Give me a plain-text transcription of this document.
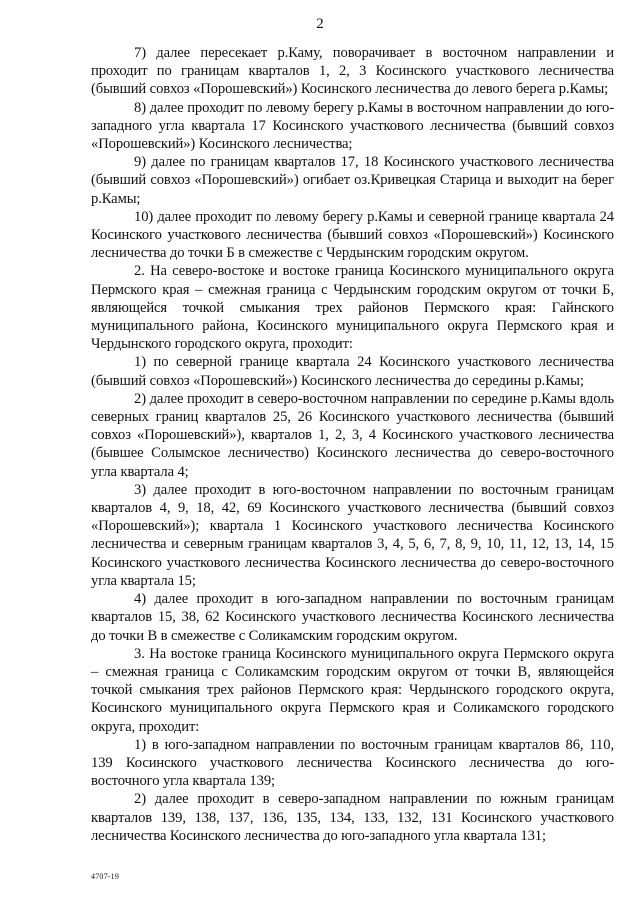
2

7) далее пересекает р.Каму, поворачивает в восточном направлении и проходит по границам кварталов 1, 2, 3 Косинского участкового лесничества (бывший совхоз «Порошевский») Косинского лесничества до левого берега р.Камы;

8) далее проходит по левому берегу р.Камы в восточном направлении до юго-западного угла квартала 17 Косинского участкового лесничества (бывший совхоз «Порошевский») Косинского лесничества;

9) далее по границам кварталов 17, 18 Косинского участкового лесничества (бывший совхоз «Порошевский») огибает оз.Кривецкая Старица и выходит на берег р.Камы;

10) далее проходит по левому берегу р.Камы и северной границе квартала 24 Косинского участкового лесничества (бывший совхоз «Порошевский») Косинского лесничества до точки Б в смежестве с Чердынским городским округом.

2. На северо-востоке и востоке граница Косинского муниципального округа Пермского края – смежная граница с Чердынским городским округом от точки Б, являющейся точкой смыкания трех районов Пермского края: Гайнского муниципального района, Косинского муниципального округа Пермского края и Чердынского городского округа, проходит:

1) по северной границе квартала 24 Косинского участкового лесничества (бывший совхоз «Порошевский») Косинского лесничества до середины р.Камы;

2) далее проходит в северо-восточном направлении по середине р.Камы вдоль северных границ кварталов 25, 26 Косинского участкового лесничества (бывший совхоз «Порошевский»), кварталов 1, 2, 3, 4 Косинского участкового лесничества (бывшее Солымское лесничество) Косинского лесничества до северо-восточного угла квартала 4;

3) далее проходит в юго-восточном направлении по восточным границам кварталов 4, 9, 18, 42, 69 Косинского участкового лесничества (бывший совхоз «Порошевский»); квартала 1 Косинского участкового лесничества Косинского лесничества и северным границам кварталов 3, 4, 5, 6, 7, 8, 9, 10, 11, 12, 13, 14, 15 Косинского участкового лесничества Косинского лесничества до северо-восточного угла квартала 15;

4) далее проходит в юго-западном направлении по восточным границам кварталов 15, 38, 62 Косинского участкового лесничества Косинского лесничества до точки В в смежестве с Соликамским городским округом.

3. На востоке граница Косинского муниципального округа Пермского округа – смежная граница с Соликамским городским округом от точки В, являющейся точкой смыкания трех районов Пермского края: Чердынского городского округа, Косинского муниципального округа Пермского края и Соликамского городского округа, проходит:

1) в юго-западном направлении по восточным границам кварталов 86, 110, 139 Косинского участкового лесничества Косинского лесничества до юго-восточного угла квартала 139;

2) далее проходит в северо-западном направлении по южным границам кварталов 139, 138, 137, 136, 135, 134, 133, 132, 131 Косинского участкового лесничества Косинского лесничества до юго-западного угла квартала 131;

4707-19
